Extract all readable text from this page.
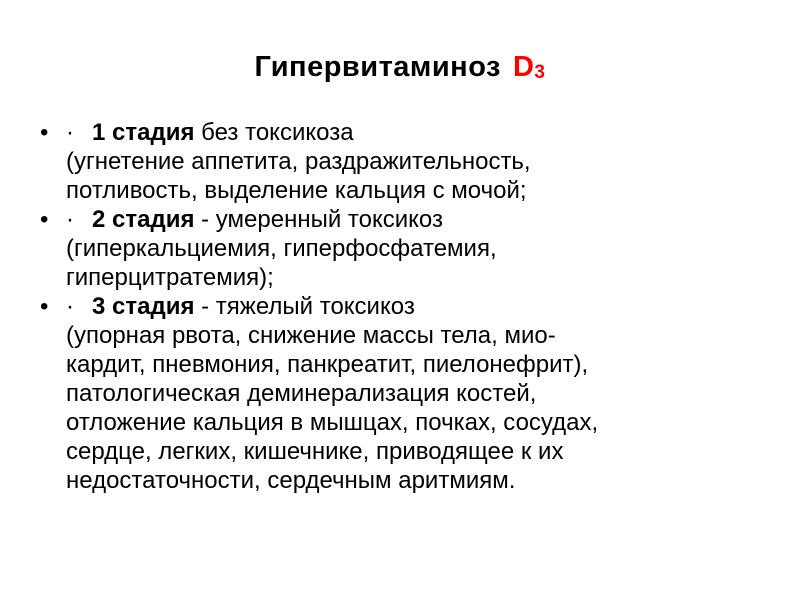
Гипервитаминоз D3
• · 1 стадия без токсикоза
(угнетение аппетита, раздражительность,
потливость, выделение кальция с мочой;
• · 2 стадия - умеренный токсикоз
(гиперкальциемия, гиперфосфатемия,
гиперцитратемия);
• · 3 стадия - тяжелый токсикоз
(упорная рвота, снижение массы тела, мио-
кардит, пневмония, панкреатит, пиелонефрит),
патологическая деминерализация костей,
отложение кальция в мышцах, почках, сосудах,
сердце, легких, кишечнике, приводящее к их
недостаточности, сердечным аритмиям.
